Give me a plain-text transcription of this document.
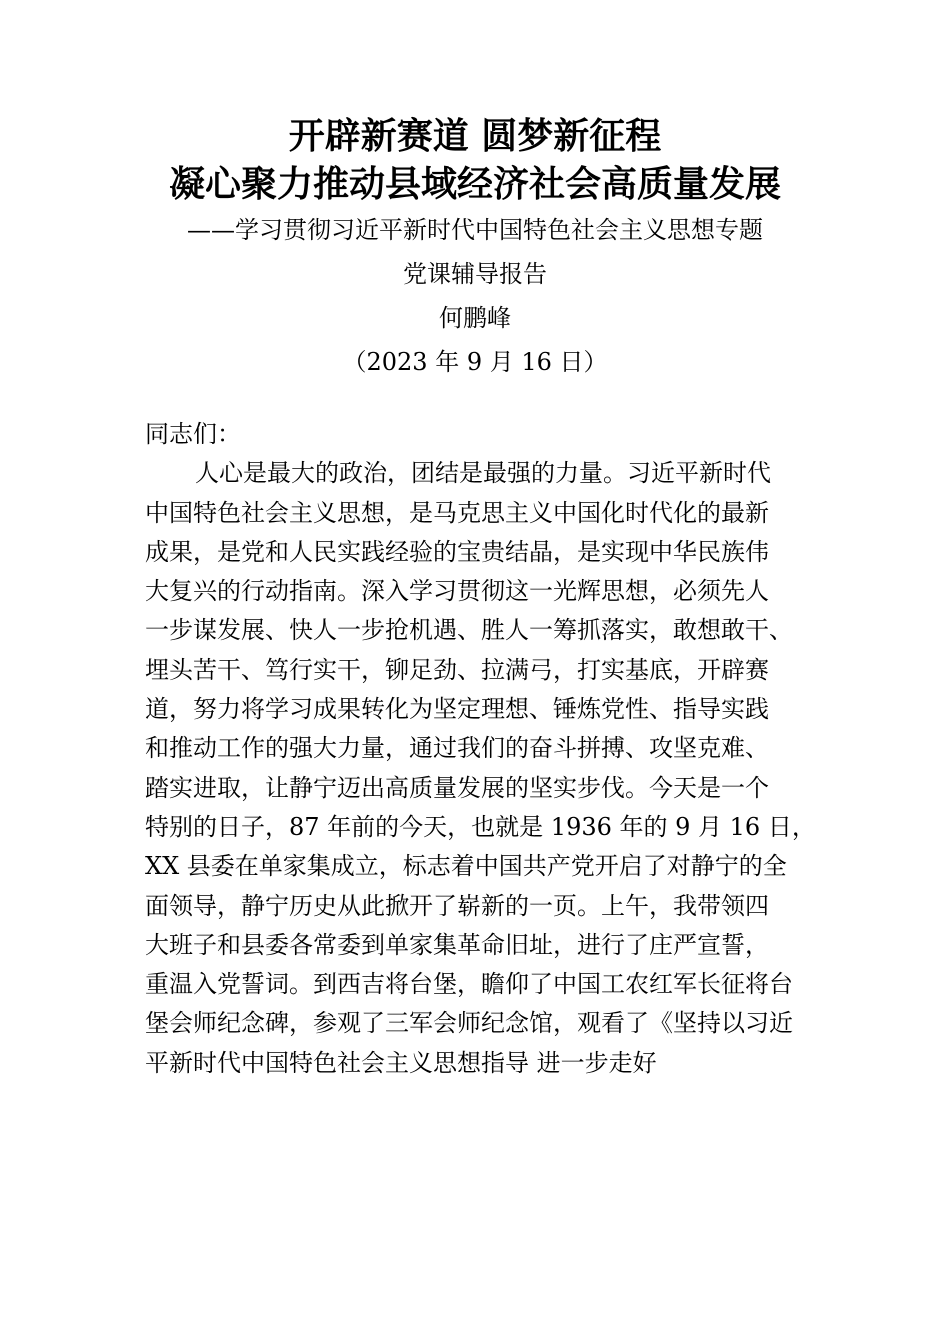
开辟新赛道 圆梦新征程
凝心聚力推动县域经济社会高质量发展
——学习贯彻习近平新时代中国特色社会主义思想专题
党课辅导报告
何鹏峰
（2023 年 9 月 16 日）
同志们：
人心是最大的政治，团结是最强的力量。习近平新时代
中国特色社会主义思想，是马克思主义中国化时代化的最新
成果，是党和人民实践经验的宝贵结晶，是实现中华民族伟
大复兴的行动指南。深入学习贯彻这一光辉思想，必须先人
一步谋发展、快人一步抢机遇、胜人一筹抓落实，敢想敢干、
埋头苦干、笃行实干，铆足劲、拉满弓，打实基底，开辟赛
道，努力将学习成果转化为坚定理想、锤炼党性、指导实践
和推动工作的强大力量，通过我们的奋斗拼搏、攻坚克难、
踏实进取，让静宁迈出高质量发展的坚实步伐。今天是一个
特别的日子，87 年前的今天，也就是 1936 年的 9 月 16 日，
XX 县委在单家集成立，标志着中国共产党开启了对静宁的全
面领导，静宁历史从此掀开了崭新的一页。上午，我带领四
大班子和县委各常委到单家集革命旧址，进行了庄严宣誓，
重温入党誓词。到西吉将台堡，瞻仰了中国工农红军长征将台
堡会师纪念碑，参观了三军会师纪念馆，观看了《坚持以习近
平新时代中国特色社会主义思想指导 进一步走好
